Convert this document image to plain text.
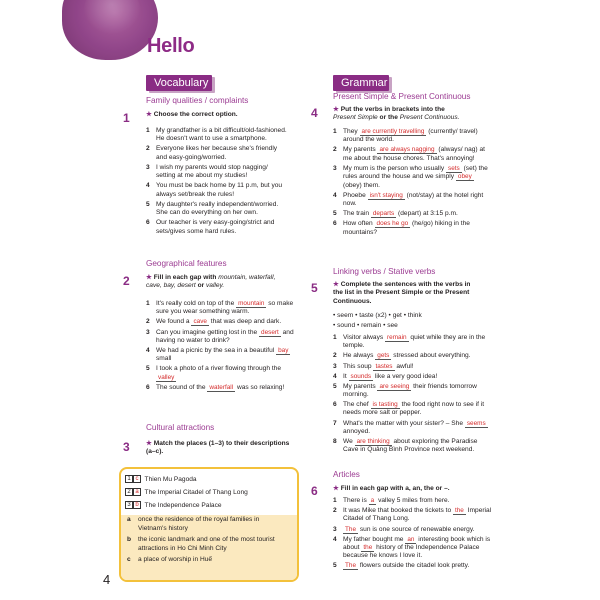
Hello
Vocabulary
Family qualities / complaints
1 ★ Choose the correct option.
1 My grandfather is a bit difficult/old-fashioned.
He doesn't want to use a smartphone.
2 Everyone likes her because she's friendly
and easy-going/worried.
3 I wish my parents would stop nagging/
setting at me about my studies!
4 You must be back home by 11 p.m, but you
always set/break the rules!
5 My daughter's really independent/worried.
She can do everything on her own.
6 Our teacher is very easy-going/strict and
sets/gives some hard rules.
Geographical features
2 ★ Fill in each gap with mountain, waterfall,
cave, bay, desert or valley.
1 It's really cold on top of the mountain so make sure you wear something warm.
2 We found a cave that was deep and dark.
3 Can you imagine getting lost in the desert and having no water to drink?
4 We had a picnic by the sea in a beautiful bay small
5 I took a photo of a river flowing through the valley
6 The sound of the waterfall was so relaxing!
Cultural attractions
3 ★ Match the places (1–3) to their descriptions
(a–c).
1 c Thien Mu Pagoda
2 a The Imperial Citadel of Thang Long
3 b The Independence Palace
a once the residence of the royal families in
Vietnam's history
b the iconic landmark and one of the most tourist
attractions in Ho Chi Minh City
c a place of worship in Huế
4
Grammar
Present Simple & Present Continuous
4 ★ Put the verbs in brackets into the
Present Simple or the Present Continuous.
1 They are currently travelling (currently/ travel) around the world.
2 My parents are always nagging (always/ nag) at me about the house chores. That's annoying!
3 My mum is the person who usually sets (set) the rules around the house and we simply obey (obey) them.
4 Phoebe isn't staying (not/stay) at the hotel right now.
5 The train departs (depart) at 3:15 p.m.
6 How often does he go (he/go) hiking in the mountains?
Linking verbs / Stative verbs
5 ★ Complete the sentences with the verbs in
the list in the Present Simple or the Present
Continuous.
• seem • taste (x2) • get • think
• sound • remain • see
1 Visitor always remain quiet while they are in the temple.
2 He always gets stressed about everything.
3 This soup tastes awful!
4 It sounds like a very good idea!
5 My parents are seeing their friends tomorrow morning.
6 The chef is tasting the food right now to see if it needs more salt or pepper.
7 What's the matter with your sister? – She seems annoyed.
8 We are thinking about exploring the Paradise Cave in Quảng Bình Province next weekend.
Articles
6 ★ Fill in each gap with a, an, the or –.
1 There is a valley 5 miles from here.
2 It was Mike that booked the tickets to the Imperial Citadel of Thang Long.
3 The sun is one source of renewable energy.
4 My father bought me an interesting book which is about the history of the Independence Palace because he knows I love it.
5 The flowers outside the citadel look pretty.
